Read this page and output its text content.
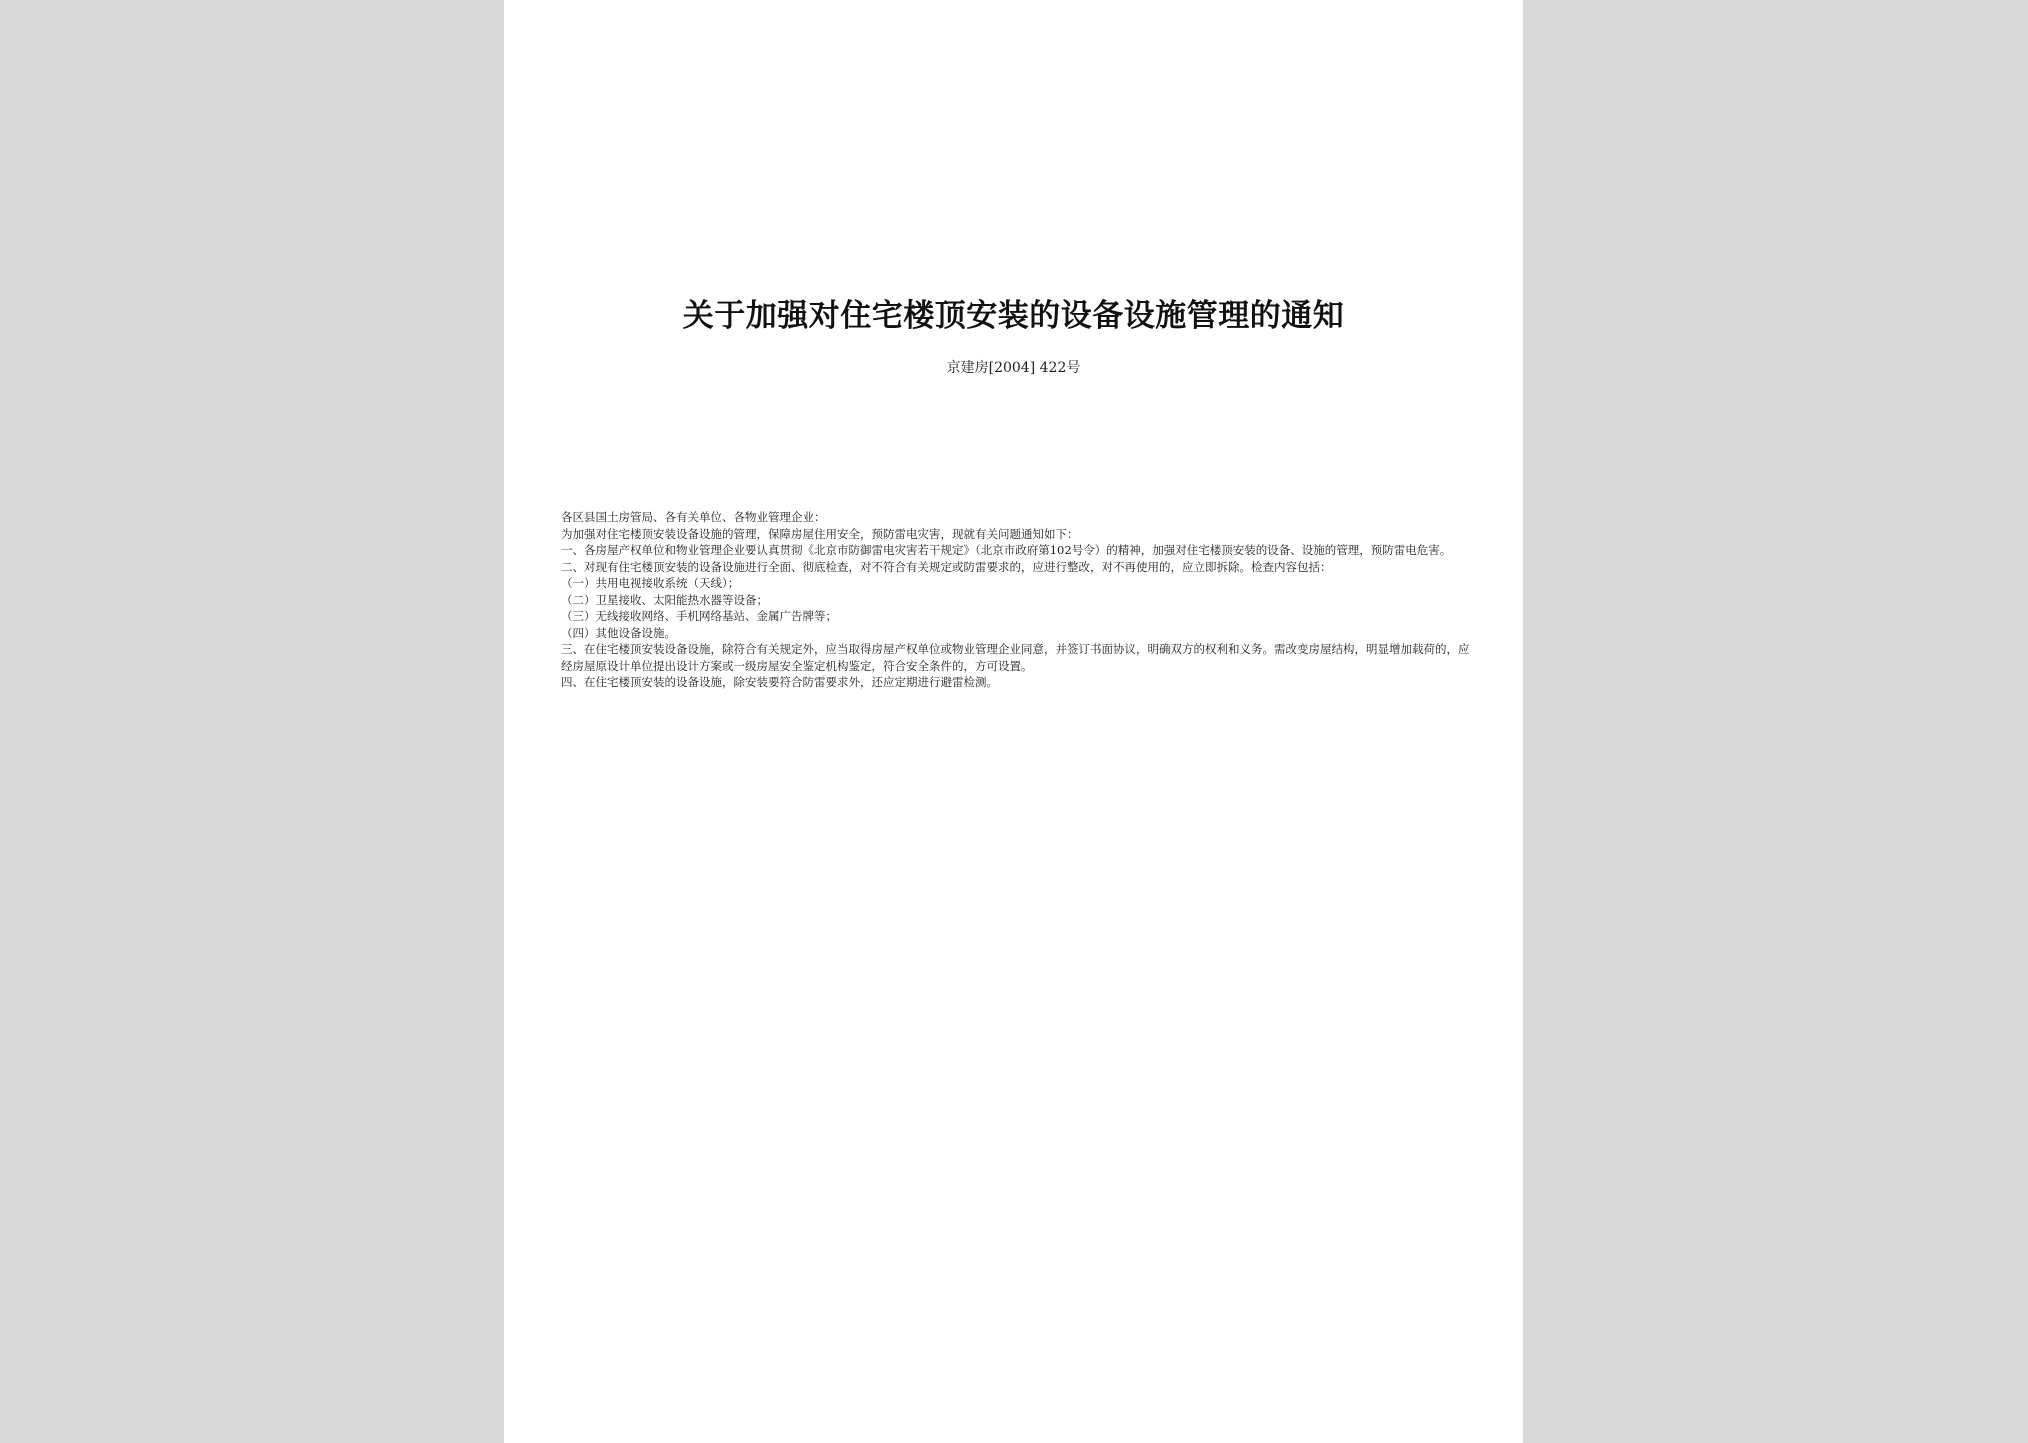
关于加强对住宅楼顶安装的设备设施管理的通知

京建房[2004] 422号

各区县国土房管局、各有关单位、各物业管理企业：

为加强对住宅楼顶安装设备设施的管理，保障房屋住用安全，预防雷电灾害，现就有关问题通知如下：

一、各房屋产权单位和物业管理企业要认真贯彻《北京市防御雷电灾害若干规定》（北京市政府第102号令）的精神，加强对住宅楼顶安装的设备、设施的管理，预防雷电危害。

二、对现有住宅楼顶安装的设备设施进行全面、彻底检查，对不符合有关规定或防雷要求的，应进行整改，对不再使用的，应立即拆除。检查内容包括：

（一）共用电视接收系统（天线）；

（二）卫星接收、太阳能热水器等设备；

（三）无线接收网络、手机网络基站、金属广告牌等；

（四）其他设备设施。

三、在住宅楼顶安装设备设施，除符合有关规定外，应当取得房屋产权单位或物业管理企业同意，并签订书面协议，明确双方的权利和义务。需改变房屋结构，明显增加载荷的，应经房屋原设计单位提出设计方案或一级房屋安全鉴定机构鉴定，符合安全条件的，方可设置。

四、在住宅楼顶安装的设备设施，除安装要符合防雷要求外，还应定期进行避雷检测。
